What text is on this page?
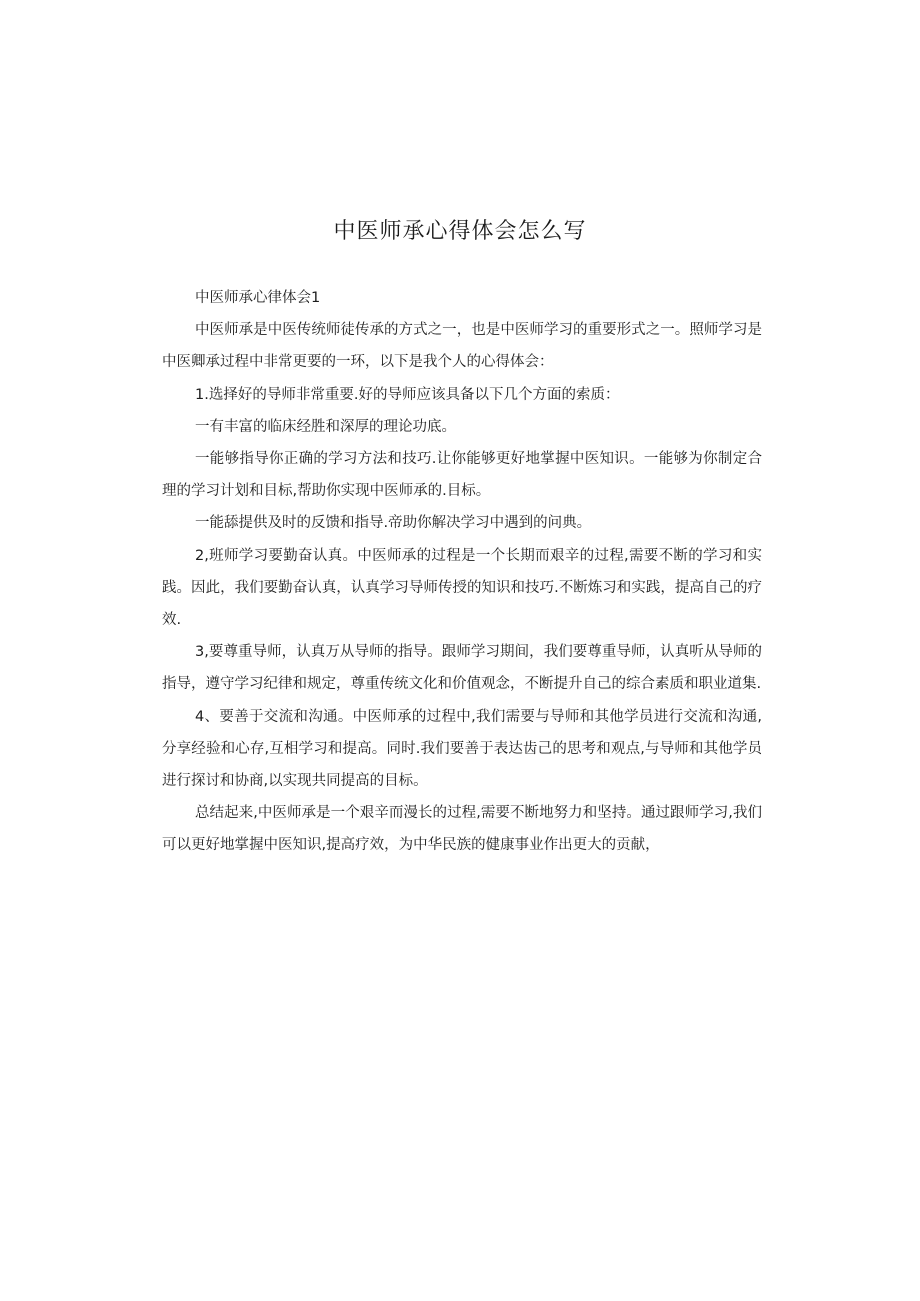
中医师承心得体会怎么写

中医师承心律体会1

中医师承是中医传统师徒传承的方式之一，也是中医师学习的重要形式之一。照师学习是中医卿承过程中非常更要的一环，以下是我个人的心得体会：

1.选择好的导师非常重要.好的导师应该具备以下几个方面的索质：

一有丰富的临床经胜和深厚的理论功底。

一能够指导你正确的学习方法和技巧.让你能够更好地掌握中医知识。一能够为你制定合理的学习计划和目标,帮助你实现中医师承的.目标。

一能舔提供及时的反馈和指导.帝助你解决学习中遇到的问典。

2,班师学习要勤奋认真。中医师承的过程是一个长期而艰辛的过程,需要不断的学习和实践。因此，我们要勤奋认真，认真学习导师传授的知识和技巧.不断炼习和实践，提高自己的疗效.

3,要尊重导师，认真万从导师的指导。跟师学习期间，我们要尊重导师，认真听从导师的指导，遵守学习纪律和规定，尊重传统文化和价值观念，不断提升自己的综合素质和职业道集.

4、要善于交流和沟通。中医师承的过程中,我们需要与导师和其他学员进行交流和沟通,分享经验和心存,互相学习和提高。同时.我们要善于表达齿己的思考和观点,与导师和其他学员进行探讨和协商,以实现共同提高的目标。

总结起来,中医师承是一个艰辛而漫长的过程,需要不断地努力和坚持。通过跟师学习,我们可以更好地掌握中医知识,提高疗效，为中华民族的健康事业作出更大的贡献，
